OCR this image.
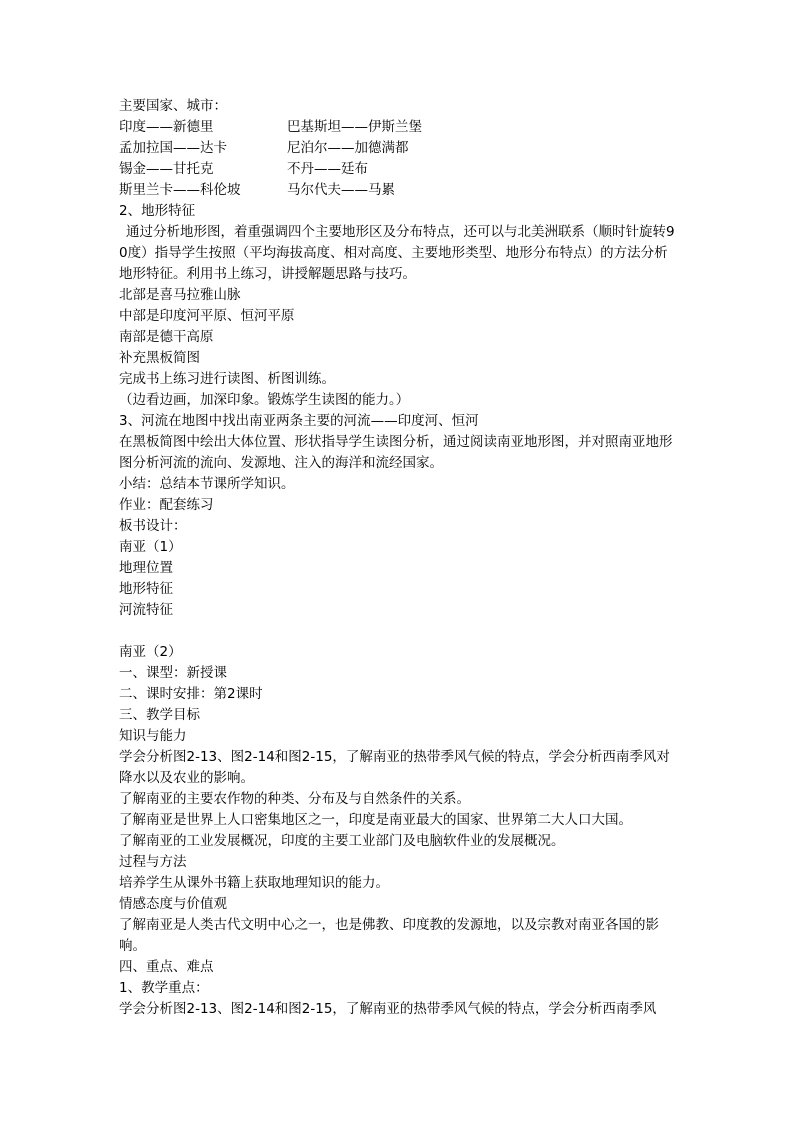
主要国家、城市：
印度——新德里	巴基斯坦——伊斯兰堡
孟加拉国——达卡	尼泊尔——加德满都
锡金——甘托克	不丹——廷布
斯里兰卡——科伦坡	马尔代夫——马累
2、地形特征
通过分析地形图，着重强调四个主要地形区及分布特点，还可以与北美洲联系（顺时针旋转90度）指导学生按照（平均海拔高度、相对高度、主要地形类型、地形分布特点）的方法分析地形特征。利用书上练习，讲授解题思路与技巧。
北部是喜马拉雅山脉
中部是印度河平原、恒河平原
南部是德干高原
补充黑板简图
完成书上练习进行读图、析图训练。
（边看边画，加深印象。锻炼学生读图的能力。）
3、河流在地图中找出南亚两条主要的河流——印度河、恒河
在黑板简图中绘出大体位置、形状指导学生读图分析，通过阅读南亚地形图，并对照南亚地形图分析河流的流向、发源地、注入的海洋和流经国家。
小结：总结本节课所学知识。
作业：配套练习
板书设计：
南亚（1）
地理位置
地形特征
河流特征
南亚（2）
一、课型：新授课
二、课时安排：第2课时
三、教学目标
知识与能力
学会分析图2-13、图2-14和图2-15，了解南亚的热带季风气候的特点，学会分析西南季风对降水以及农业的影响。
了解南亚的主要农作物的种类、分布及与自然条件的关系。
了解南亚是世界上人口密集地区之一，印度是南亚最大的国家、世界第二大人口大国。
了解南亚的工业发展概况，印度的主要工业部门及电脑软件业的发展概况。
过程与方法
培养学生从课外书籍上获取地理知识的能力。
情感态度与价值观
了解南亚是人类古代文明中心之一，也是佛教、印度教的发源地，以及宗教对南亚各国的影响。
四、重点、难点
1、教学重点：
学会分析图2-13、图2-14和图2-15，了解南亚的热带季风气候的特点，学会分析西南季风
